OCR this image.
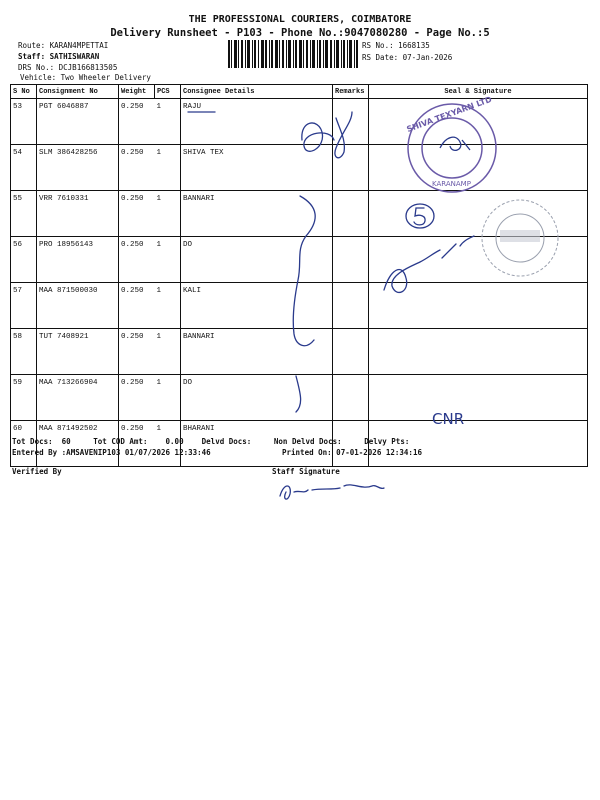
THE PROFESSIONAL COURIERS, COIMBATORE
Delivery Runsheet - P103 - Phone No.:9047080280 - Page No.:5
Route: KARAN4MPETTAI
Staff: SATHISWARAN
DRS No.: DCJB166813505
Vehicle: Two Wheeler Delivery
RS No.: 1668135
RS Date: 07-Jan-2026
S No	Consignment No	Weight	PCS	Consignee Details	Remarks	Seal & Signature
53	PGT 6046887	0.250	1	RAJU		
54	SLM 386428256	0.250	1	SHIVA TEX		
55	VRR 7610331	0.250	1	BANNARI		
56	PRO 18956143	0.250	1	DO		
57	MAA 871500030	0.250	1	KALI		
58	TUT 7408921	0.250	1	BANNARI		
59	MAA 713266904	0.250	1	DO		
60	MAA 871492502	0.250	1	BHARANI		
Tot Docs:  60     Tot COD Amt:    0.00    Delvd Docs:     Non Delvd Docs:     Delvy Pts:
Entered By :AMSAVENIP103 01/07/2026 12:33:46	Printed On: 07-01-2026 12:34:16
Verified By	Staff Signature
CNR
SHIVA TEXYARN LTD
KARANAMP
